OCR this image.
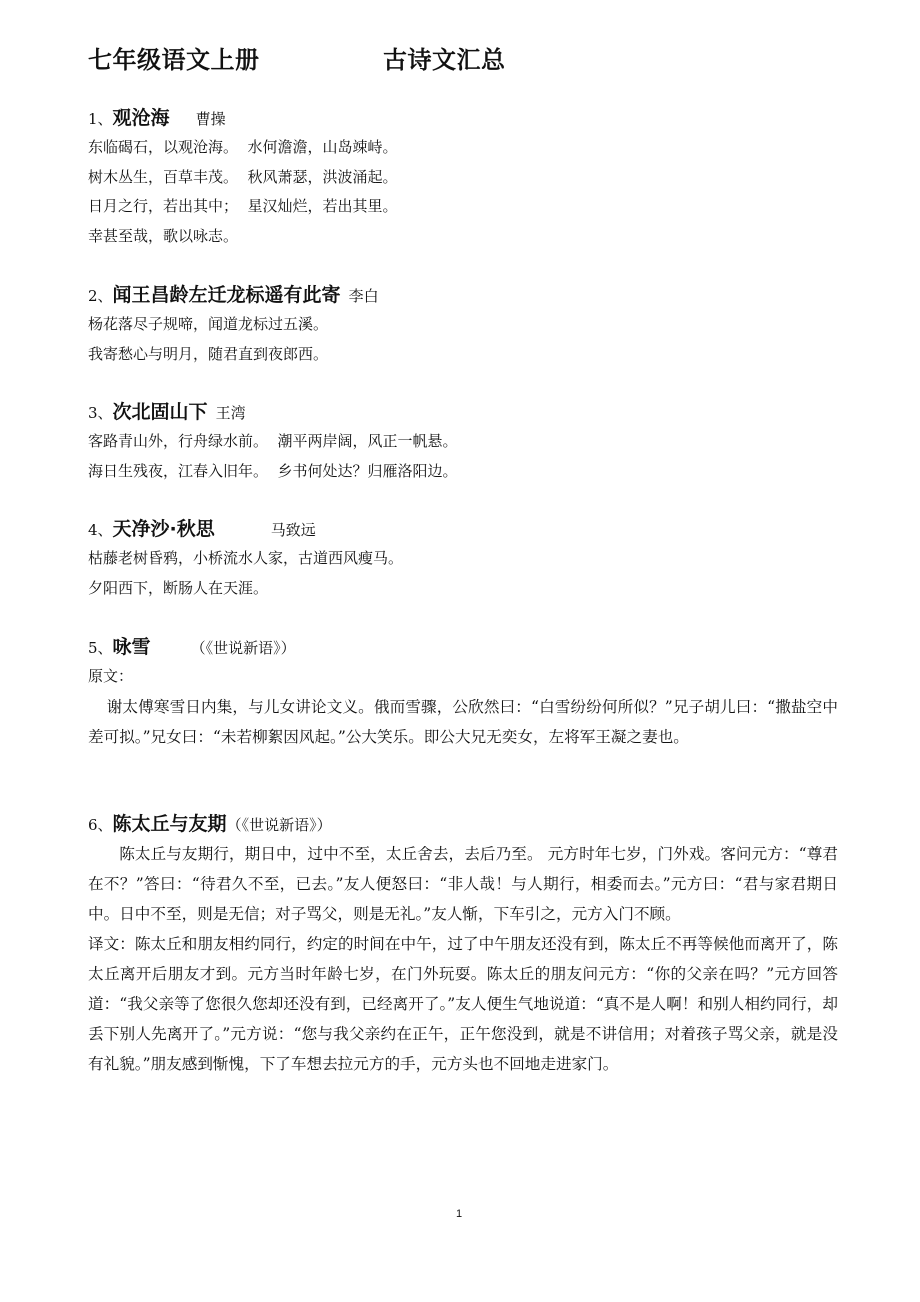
七年级语文上册	古诗文汇总
1、观沧海 曹操
东临碣石，以观沧海。  水何澹澹，山岛竦峙。
树木丛生，百草丰茂。  秋风萧瑟，洪波涌起。
日月之行，若出其中；  星汉灿烂，若出其里。
幸甚至哉，歌以咏志。
2、闻王昌龄左迁龙标遥有此寄 李白
杨花落尽子规啼，闻道龙标过五溪。
我寄愁心与明月，随君直到夜郎西。
3、次北固山下 王湾
客路青山外，行舟绿水前。  潮平两岸阔，风正一帆悬。
海日生残夜，江春入旧年。  乡书何处达？归雁洛阳边。
4、天净沙·秋思	马致远
枯藤老树昏鸦，小桥流水人家，古道西风瘦马。
夕阳西下，断肠人在天涯。
5、咏雪	（《世说新语》）
原文：
谢太傅寒雪日内集，与儿女讲论文义。俄而雪骤，公欣然曰：“白雪纷纷何所似？”兄子胡儿曰：“撒盐空中差可拟。”兄女曰：“未若柳絮因风起。”公大笑乐。即公大兄无奕女，左将军王凝之妻也。
6、陈太丘与友期（《世说新语》）
陈太丘与友期行，期日中，过中不至，太丘舍去，去后乃至。 元方时年七岁，门外戏。客问元方：“尊君在不？”答曰：“待君久不至，已去。”友人便怒曰：“非人哉！与人期行，相委而去。”元方曰：“君与家君期日中。日中不至，则是无信；对子骂父，则是无礼。”友人惭，下车引之，元方入门不顾。
译文：陈太丘和朋友相约同行，约定的时间在中午，过了中午朋友还没有到，陈太丘不再等候他而离开了，陈太丘离开后朋友才到。元方当时年龄七岁，在门外玩耍。陈太丘的朋友问元方：“你的父亲在吗？”元方回答道：“我父亲等了您很久您却还没有到，已经离开了。”友人便生气地说道：“真不是人啊！和别人相约同行，却丢下别人先离开了。”元方说：“您与我父亲约在正午，正午您没到，就是不讲信用；对着孩子骂父亲，就是没有礼貌。”朋友感到惭愧，下了车想去拉元方的手，元方头也不回地走进家门。
1
